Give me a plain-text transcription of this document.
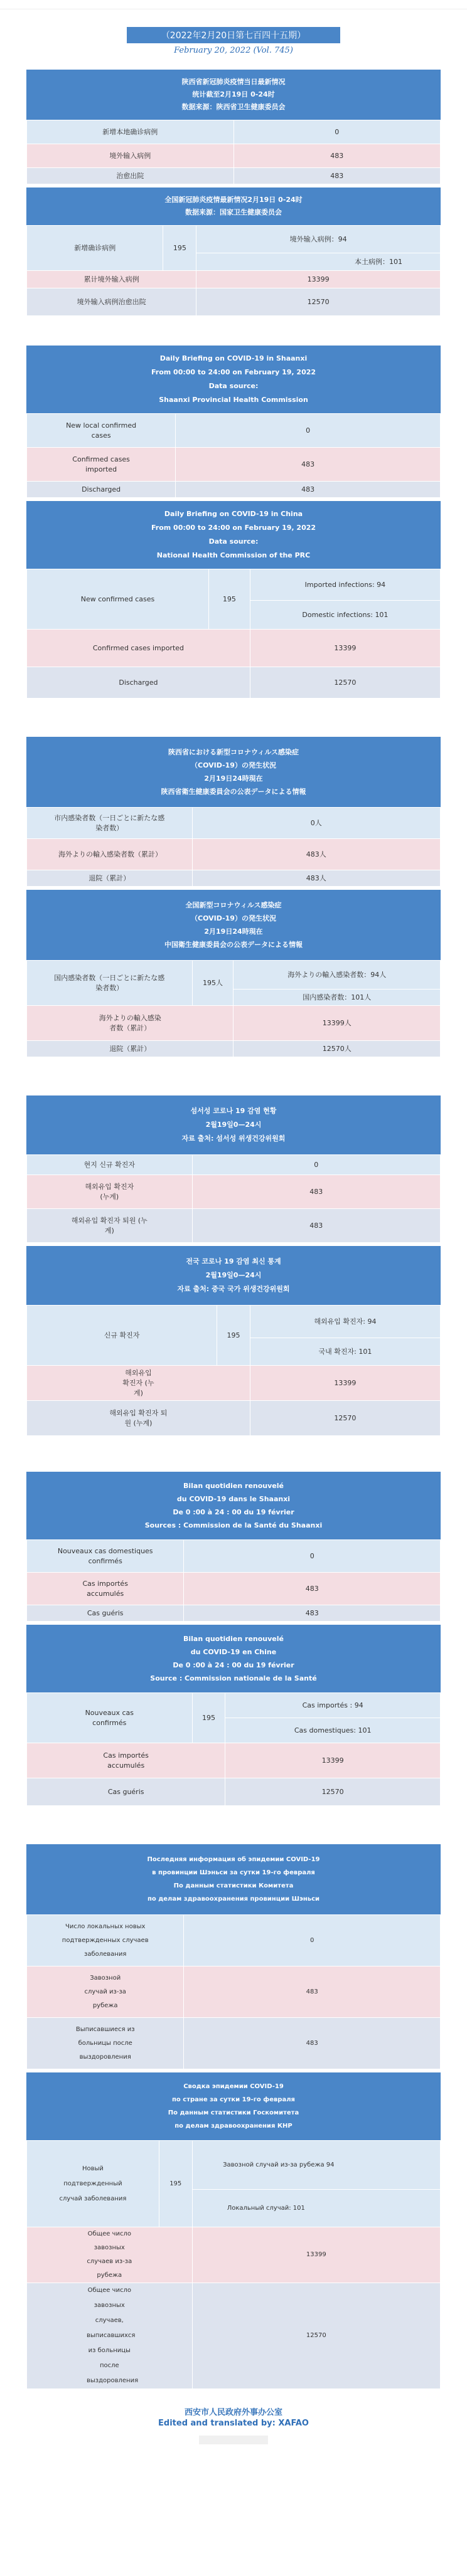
（2022年2月20日第七百四十五期）
February 20, 2022 (Vol. 745)
陕西省新冠肺炎疫情当日最新情况
统计截至2月19日 0-24时
数据来源：陕西省卫生健康委员会
新增本地确诊病例	0
境外输入病例	483
治愈出院	483
全国新冠肺炎疫情最新情况2月19日 0-24时
数据来源：国家卫生健康委员会
新增确诊病例	195	境外输入病例：94
		本土病例：101
累计境外输入病例		13399
境外输入病例治愈出院		12570
Daily Briefing on COVID-19 in Shaanxi
From 00:00 to 24:00 on February 19, 2022
Data source:
Shaanxi Provincial Health Commission
New local confirmed cases	0
Confirmed cases imported	483
Discharged	483
Daily Briefing on COVID-19 in China
From 00:00 to 24:00 on February 19, 2022
Data source:
National Health Commission of the PRC
New confirmed cases	195	Imported infections: 94
		Domestic infections: 101
Confirmed cases imported		13399
Discharged		12570
陝西省における新型コロナウィルス感染症
（COVID-19）の発生状況
2月19日24時現在
陝西省衛生健康委員会の公表データによる情報
市内感染者数（一日ごとに新たな感染者数）	0人
海外よりの輸入感染者数（累計）	483人
退院（累計）	483人
全国新型コロナウィルス感染症
（COVID-19）の発生状況
2月19日24時現在
中国衛生健康委員会の公表データによる情報
国内感染者数（一日ごとに新たな感染者数）	195人	海外よりの輸入感染者数：94人
		国内感染者数：101人
海外よりの輸入感染者数（累計）		13399人
退院（累計）		12570人
섬서성 코로나 19 감염 현황
2월19일0—24시
자료 출처: 섬서성 위생건강위원회
현지 신규 확진자	0
해외유입 확진자 (누계)	483
해외유입 확진자 퇴원 (누계)	483
전국 코로나 19 감염 최신 통계
2월19일0—24시
자료 출처: 중국 국가 위생건강위원회
신규 확진자	195	해외유입 확진자: 94
		국내 확진자: 101
해외유입 확진자 (누계)		13399
해외유입 확진자 퇴원 (누계)		12570
Bilan quotidien renouvelé
du COVID-19 dans le Shaanxi
De 0 :00 à 24 : 00 du 19 février
Sources : Commission de la Santé du Shaanxi
Nouveaux cas domestiques confirmés	0
Cas importés accumulés	483
Cas guéris	483
Bilan quotidien renouvelé
du COVID-19 en Chine
De 0 :00 à 24 : 00 du 19 février
Source : Commission nationale de la Santé
Nouveaux cas confirmés	195	Cas importés : 94
		Cas domestiques: 101
Cas importés accumulés		13399
Cas guéris		12570
Последняя информация об эпидемии COVID-19
в провинции Шэньси за сутки 19-го февраля
По данным статистики Комитета
по делам здравоохранения провинции Шэньси
Число локальных новых подтвержденных случаев заболевания	0
Завозной случай из-за рубежа	483
Выписавшиеся из больницы после выздоровления	483
Сводка эпидемии COVID-19
по стране за сутки 19-го февраля
По данным статистики Госкомитета
по делам здравоохранения КНР
Новый подтвержденный случай заболевания	195	Завозной случай из-за рубежа 94
		Локальный случай: 101
Общее число завозных случаев из-за рубежа		13399
Общее число завозных случаев, выписавшихся из больницы после выздоровления		12570
西安市人民政府外事办公室
Edited and translated by: XAFAO
